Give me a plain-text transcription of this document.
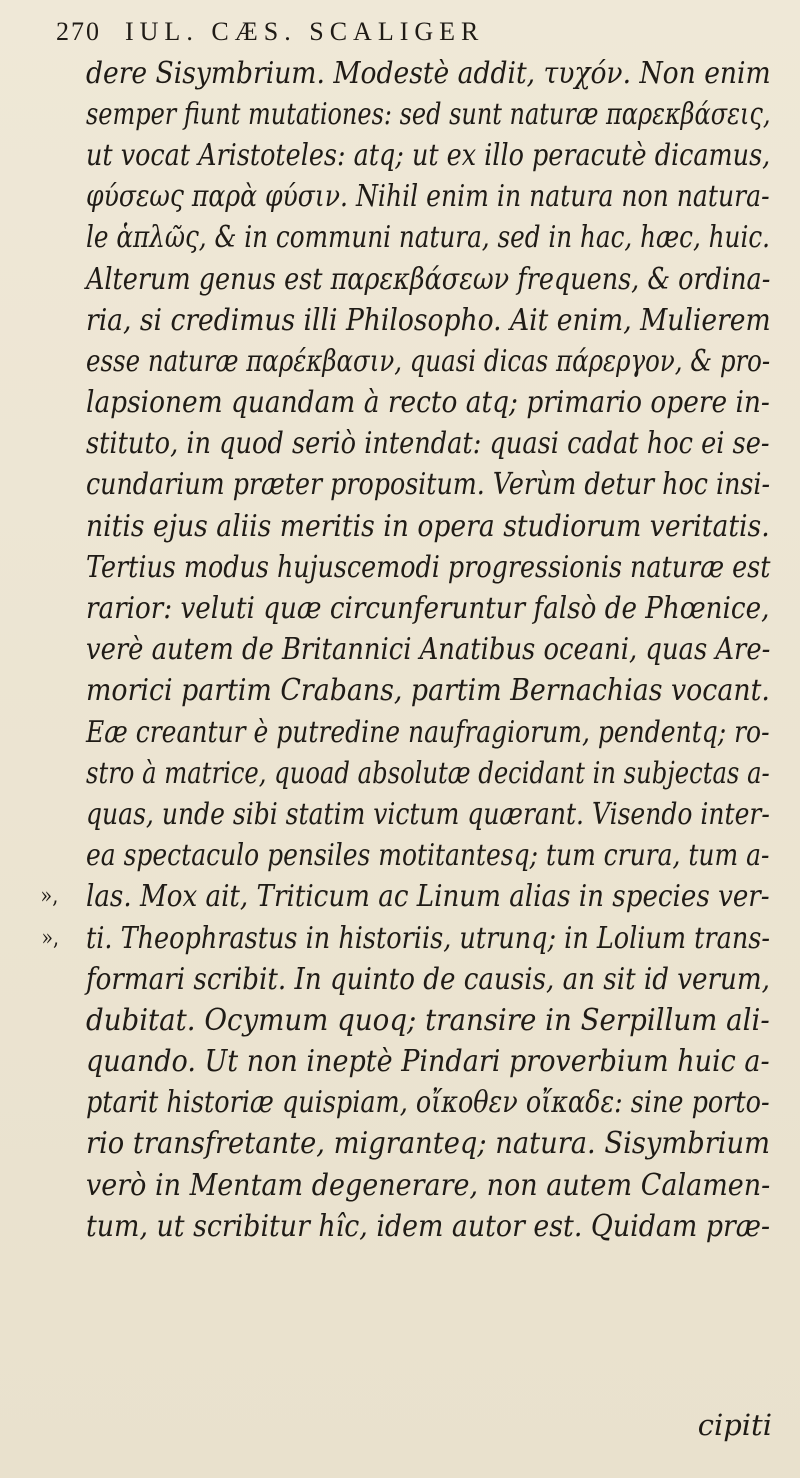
270 IUL. CÆS. SCALIGER
dere Sisymbrium. Modestè addit, τυχόν. Non enim
semper fiunt mutationes: sed sunt naturæ παρεκβάσεις,
ut vocat Aristoteles: atq; ut ex illo peracutè dicamus,
φύσεως παρὰ φύσιν. Nihil enim in natura non natura-
le ἁπλῶς, & in communi natura, sed in hac, hæc, huic.
Alterum genus est παρεκβάσεων frequens, & ordina-
ria, si credimus illi Philosopho. Ait enim, Mulierem
esse naturæ παρέκβασιν, quasi dicas πάρεργον, & pro-
lapsionem quandam à recto atq; primario opere in-
stituto, in quod seriò intendat: quasi cadat hoc ei se-
cundarium præter propositum. Verùm detur hoc insi-
nitis ejus aliis meritis in opera studiorum veritatis.
Tertius modus hujuscemodi progressionis naturæ est
rarior: veluti quæ circunferuntur falsò de Phœnice,
verè autem de Britannici Anatibus oceani, quas Are-
morici partim Crabans, partim Bernachias vocant.
Eæ creantur è putredine naufragiorum, pendentq; ro-
stro à matrice, quoad absolutæ decidant in subjectas a-
quas, unde sibi statim victum quærant. Visendo inter-
ea spectaculo pensiles motitantesq; tum crura, tum a-
», las. Mox ait, Triticum ac Linum alias in species ver-
», ti. Theophrastus in historiis, utrunq; in Lolium trans-
formari scribit. In quinto de causis, an sit id verum,
dubitat. Ocymum quoq; transire in Serpillum ali-
quando. Ut non ineptè Pindari proverbium huic a-
ptarit historiæ quispiam, οἴκοθεν οἴκαδε: sine porto-
rio transfretante, migranteq; natura. Sisymbrium
verò in Mentam degenerare, non autem Calamen-
tum, ut scribitur hîc, idem autor est. Quidam præ-
cipiti
